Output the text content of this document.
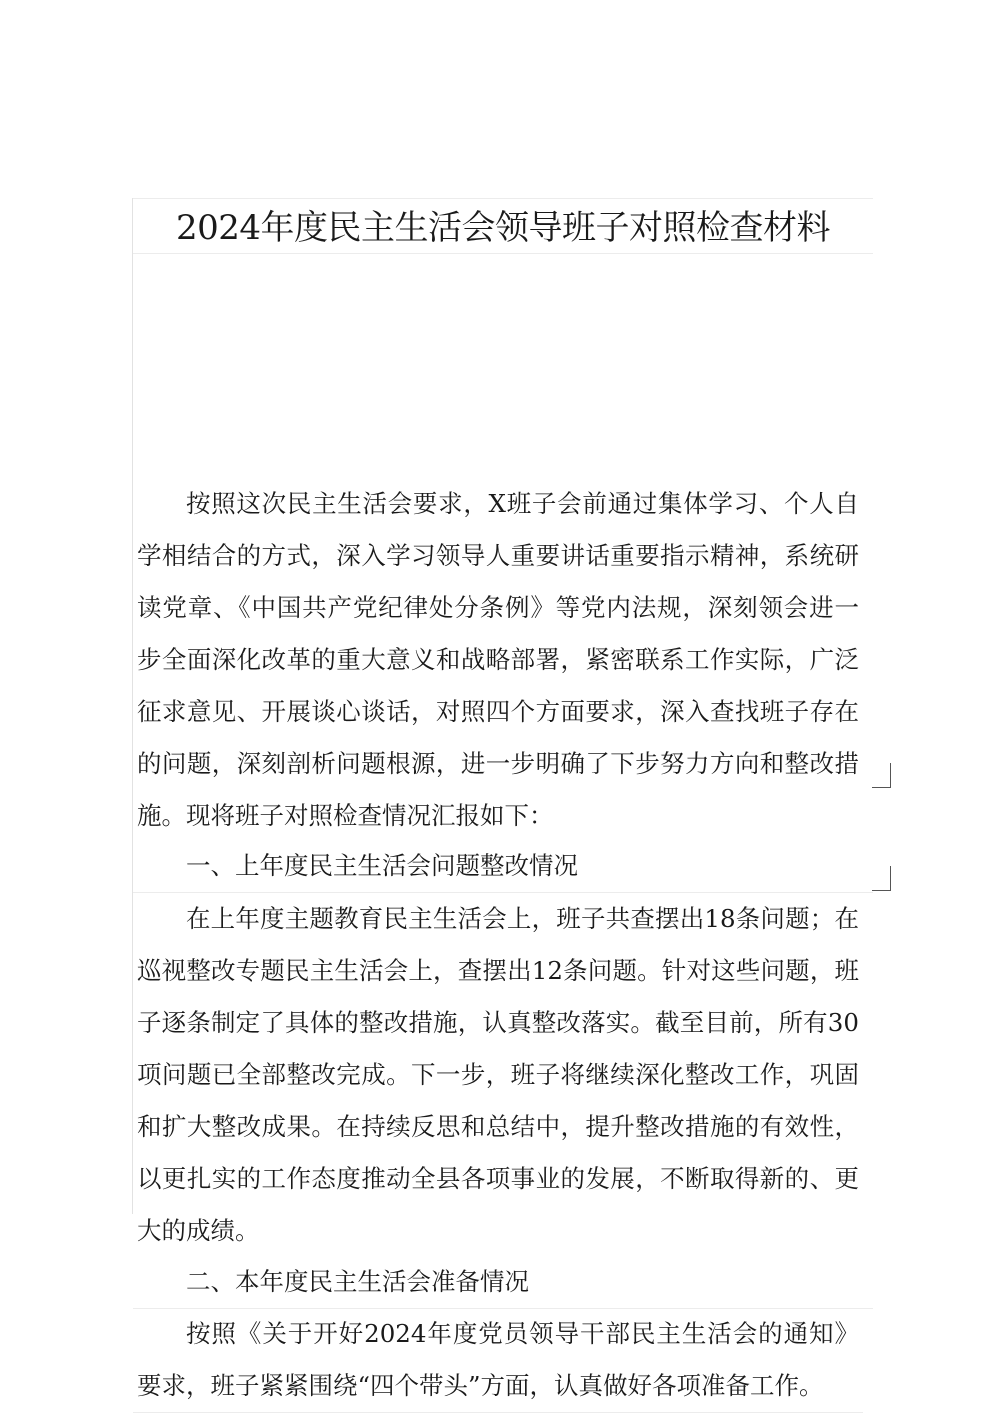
2024年度民主生活会领导班子对照检查材料

按照这次民主生活会要求，X班子会前通过集体学习、个人自学相结合的方式，深入学习领导人重要讲话重要指示精神，系统研读党章、《中国共产党纪律处分条例》等党内法规，深刻领会进一步全面深化改革的重大意义和战略部署，紧密联系工作实际，广泛征求意见、开展谈心谈话，对照四个方面要求，深入查找班子存在的问题，深刻剖析问题根源，进一步明确了下步努力方向和整改措施。现将班子对照检查情况汇报如下：

一、上年度民主生活会问题整改情况

在上年度主题教育民主生活会上，班子共查摆出18条问题；在巡视整改专题民主生活会上，查摆出12条问题。针对这些问题，班子逐条制定了具体的整改措施，认真整改落实。截至目前，所有30项问题已全部整改完成。下一步，班子将继续深化整改工作，巩固和扩大整改成果。在持续反思和总结中，提升整改措施的有效性，以更扎实的工作态度推动全县各项事业的发展，不断取得新的、更大的成绩。

二、本年度民主生活会准备情况

按照《关于开好2024年度党员领导干部民主生活会的通知》要求，班子紧紧围绕“四个带头”方面，认真做好各项准备工作。
